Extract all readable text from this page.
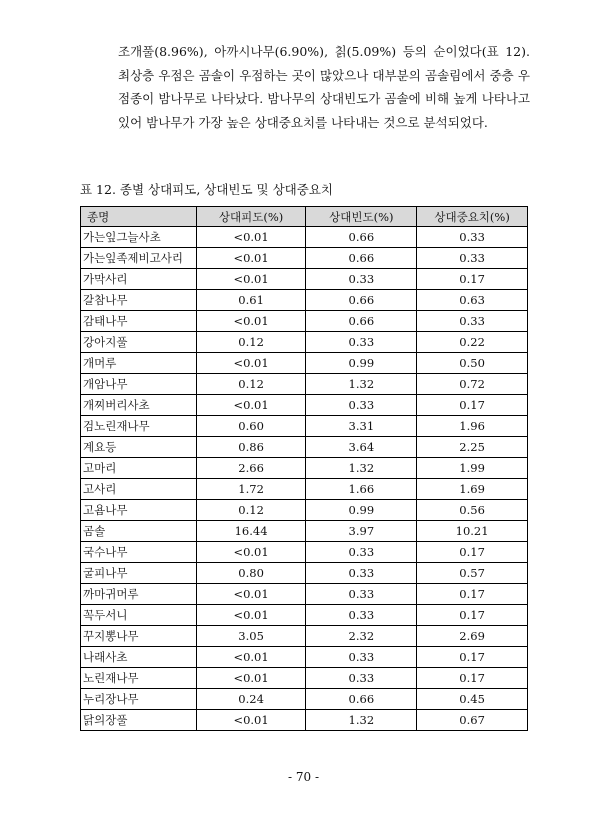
조개풀(8.96%), 아까시나무(6.90%), 칡(5.09%) 등의 순이었다(표 12). 최상층 우점은 곰솔이 우점하는 곳이 많았으나 대부분의 곰솔림에서 중층 우점종이 밤나무로 나타났다. 밤나무의 상대빈도가 곰솔에 비해 높게 나타나고 있어 밤나무가 가장 높은 상대중요치를 나타내는 것으로 분석되었다.
표 12. 종별 상대피도, 상대빈도 및 상대중요치
종명	상대피도(%)	상대빈도(%)	상대중요치(%)
가는잎그늘사초	<0.01	0.66	0.33
가는잎족제비고사리	<0.01	0.66	0.33
가막사리	<0.01	0.33	0.17
갈참나무	0.61	0.66	0.63
감태나무	<0.01	0.66	0.33
강아지풀	0.12	0.33	0.22
개머루	<0.01	0.99	0.50
개암나무	0.12	1.32	0.72
개찌버리사초	<0.01	0.33	0.17
검노린재나무	0.60	3.31	1.96
계요등	0.86	3.64	2.25
고마리	2.66	1.32	1.99
고사리	1.72	1.66	1.69
고욤나무	0.12	0.99	0.56
곰솔	16.44	3.97	10.21
국수나무	<0.01	0.33	0.17
굴피나무	0.80	0.33	0.57
까마귀머루	<0.01	0.33	0.17
꼭두서니	<0.01	0.33	0.17
꾸지뽕나무	3.05	2.32	2.69
나래사초	<0.01	0.33	0.17
노린재나무	<0.01	0.33	0.17
누리장나무	0.24	0.66	0.45
닭의장풀	<0.01	1.32	0.67
- 70 -
